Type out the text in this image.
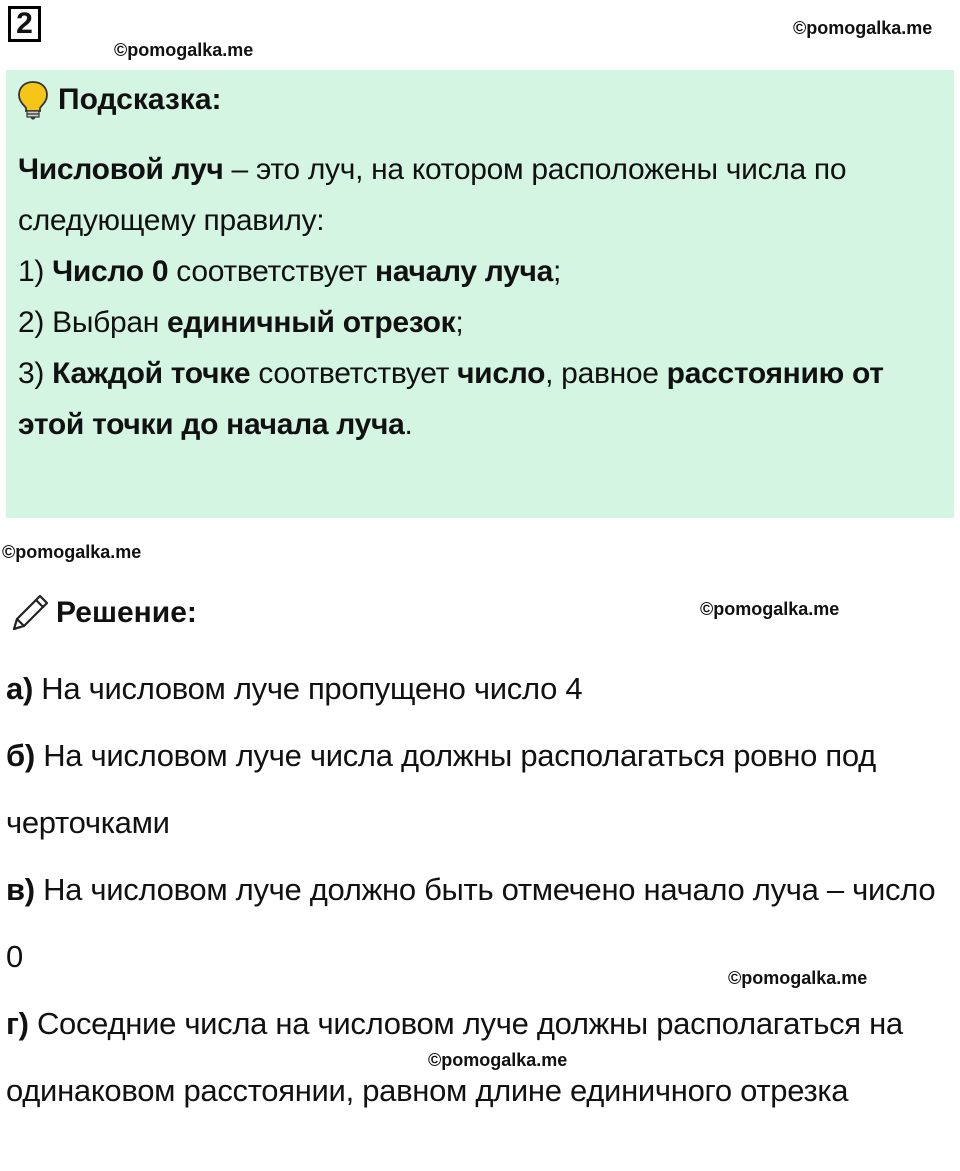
2	©pomogalka.me
©pomogalka.me
©pomogalka.me
©pomogalka.me
©pomogalka.me
©pomogalka.me
Подсказка:

Числовой луч – это луч, на котором расположены числа по следующему правилу:

1) Число 0 соответствует началу луча;

2) Выбран единичный отрезок;

3) Каждой точке соответствует число, равное расстоянию от этой точки до начала луча.

Решение:

а) На числовом луче пропущено число 4

б) На числовом луче числа должны располагаться ровно под черточками

в) На числовом луче должно быть отмечено начало луча – число 0

г) Соседние числа на числовом луче должны располагаться на одинаковом расстоянии, равном длине единичного отрезка
